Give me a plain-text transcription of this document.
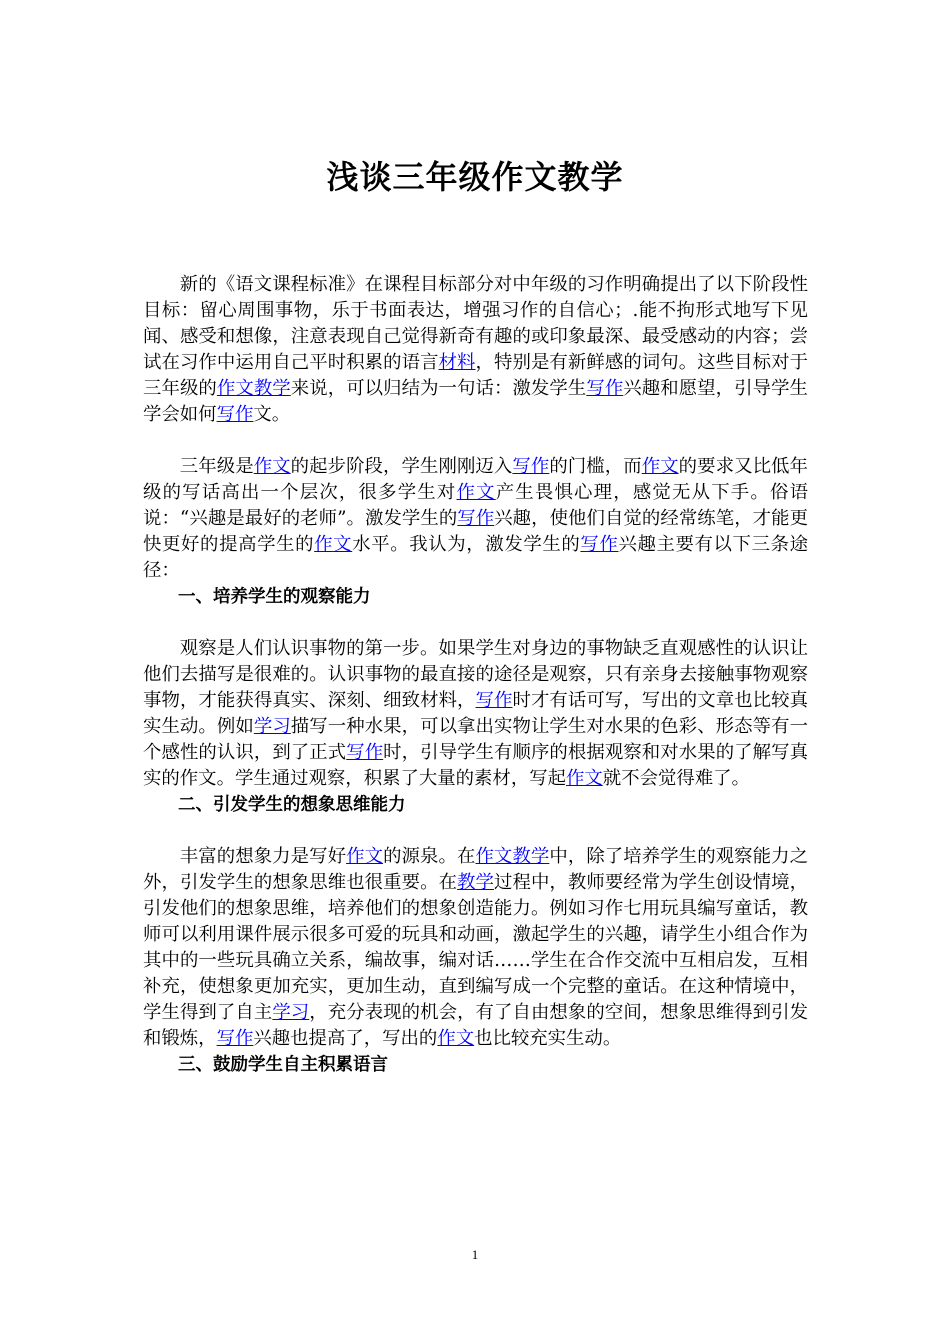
浅谈三年级作文教学

新的《语文课程标准》在课程目标部分对中年级的习作明确提出了以下阶段性目标：留心周围事物，乐于书面表达，增强习作的自信心；.能不拘形式地写下见闻、感受和想像，注意表现自己觉得新奇有趣的或印象最深、最受感动的内容；尝试在习作中运用自己平时积累的语言材料，特别是有新鲜感的词句。这些目标对于三年级的作文教学来说，可以归结为一句话：激发学生写作兴趣和愿望，引导学生学会如何写作文。

三年级是作文的起步阶段，学生刚刚迈入写作的门槛，而作文的要求又比低年级的写话高出一个层次，很多学生对作文产生畏惧心理，感觉无从下手。俗语说：“兴趣是最好的老师”。激发学生的写作兴趣，使他们自觉的经常练笔，才能更快更好的提高学生的作文水平。我认为，激发学生的写作兴趣主要有以下三条途径：

一、培养学生的观察能力

观察是人们认识事物的第一步。如果学生对身边的事物缺乏直观感性的认识让他们去描写是很难的。认识事物的最直接的途径是观察，只有亲身去接触事物观察事物，才能获得真实、深刻、细致材料，写作时才有话可写，写出的文章也比较真实生动。例如学习描写一种水果，可以拿出实物让学生对水果的色彩、形态等有一个感性的认识，到了正式写作时，引导学生有顺序的根据观察和对水果的了解写真实的作文。学生通过观察，积累了大量的素材，写起作文就不会觉得难了。

二、引发学生的想象思维能力

丰富的想象力是写好作文的源泉。在作文教学中，除了培养学生的观察能力之外，引发学生的想象思维也很重要。在教学过程中，教师要经常为学生创设情境，引发他们的想象思维，培养他们的想象创造能力。例如习作七用玩具编写童话，教师可以利用课件展示很多可爱的玩具和动画，激起学生的兴趣，请学生小组合作为其中的一些玩具确立关系，编故事，编对话……学生在合作交流中互相启发，互相补充，使想象更加充实，更加生动，直到编写成一个完整的童话。在这种情境中，学生得到了自主学习，充分表现的机会，有了自由想象的空间，想象思维得到引发和锻炼，写作兴趣也提高了，写出的作文也比较充实生动。

三、鼓励学生自主积累语言

1
